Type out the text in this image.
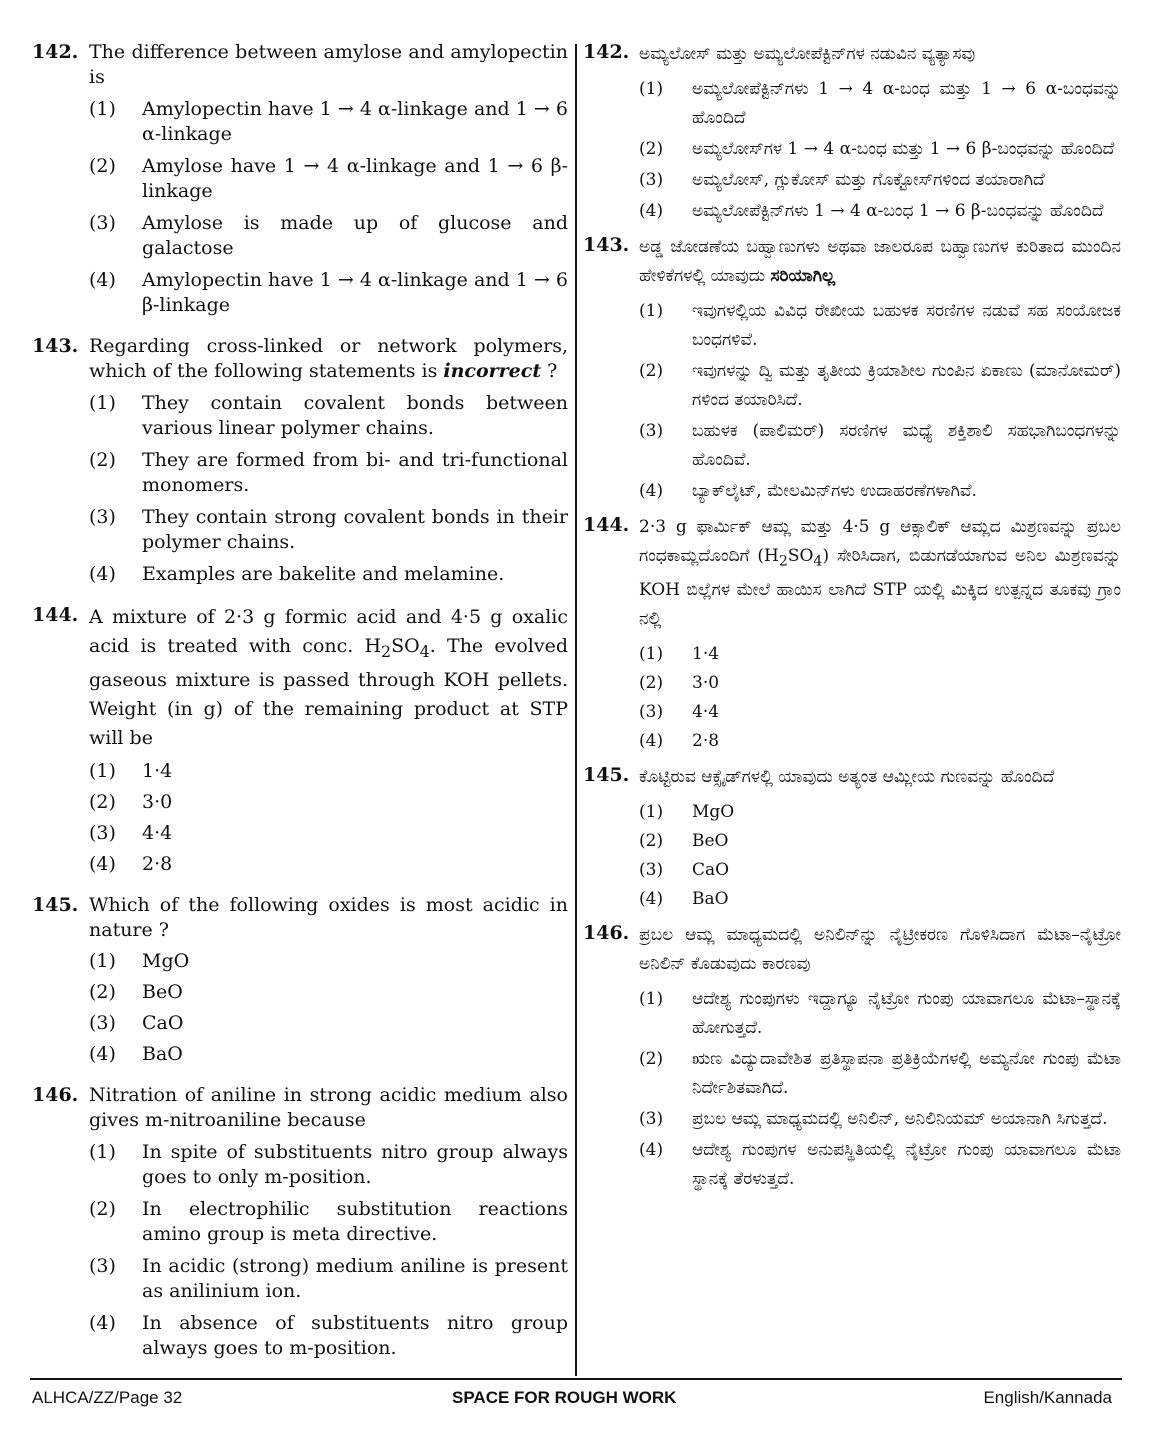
142. The difference between amylose and amylopectin is
(1) Amylopectin have 1 → 4 α-linkage and 1 → 6 α-linkage
(2) Amylose have 1 → 4 α-linkage and 1 → 6 β-linkage
(3) Amylose is made up of glucose and galactose
(4) Amylopectin have 1 → 4 α-linkage and 1 → 6 β-linkage
143. Regarding cross-linked or network polymers, which of the following statements is incorrect ?
(1) They contain covalent bonds between various linear polymer chains.
(2) They are formed from bi- and tri-functional monomers.
(3) They contain strong covalent bonds in their polymer chains.
(4) Examples are bakelite and melamine.
144. A mixture of 2·3 g formic acid and 4·5 g oxalic acid is treated with conc. $H_2SO_4$. The evolved gaseous mixture is passed through KOH pellets. Weight (in g) of the remaining product at STP will be
(1) 1·4
(2) 3·0
(3) 4·4
(4) 2·8
145. Which of the following oxides is most acidic in nature ?
(1) MgO
(2) BeO
(3) CaO
(4) BaO
146. Nitration of aniline in strong acidic medium also gives m-nitroaniline because
(1) In spite of substituents nitro group always goes to only m-position.
(2) In electrophilic substitution reactions amino group is meta directive.
(3) In acidic (strong) medium aniline is present as anilinium ion.
(4) In absence of substituents nitro group always goes to m-position.
142. ಅಮ್ಯಲೋಸ್ ಮತ್ತು ಅಮ್ಯಲೋಪೆಕ್ಟಿನ್‌ಗಳ ನಡುವಿನ ವ್ಯತ್ಯಾಸವು
(1) ಅಮ್ಯಲೋಪೆಕ್ಟಿನ್‌ಗಳು 1 → 4 α-ಬಂಧ ಮತ್ತು 1 → 6 α-ಬಂಧವನ್ನು ಹೊಂದಿದೆ
(2) ಅಮ್ಯಲೋಸ್‌ಗಳ 1 → 4 α-ಬಂಧ ಮತ್ತು 1 → 6 β-ಬಂಧವನ್ನು ಹೊಂದಿದೆ
(3) ಅಮ್ಯಲೋಸ್, ಗ್ಲುಕೋಸ್ ಮತ್ತು ಗೊಕ್ಟೋಸ್‌ಗಳಿಂದ ತಯಾರಾಗಿದೆ
(4) ಅಮ್ಯಲೋಪೆಕ್ಟಿನ್‌ಗಳು 1 → 4 α-ಬಂಧ 1 → 6 β-ಬಂಧವನ್ನು ಹೊಂದಿದೆ
143. ಅಡ್ಡ ಜೋಡಣೆಯ ಬಹ್ವಾಣುಗಳು ಅಥವಾ ಜಾಲರೂಪ ಬಹ್ವಾಣುಗಳ ಕುರಿತಾದ ಮುಂದಿನ ಹೇಳಿಕೆಗಳಲ್ಲಿ ಯಾವುದು ಸರಿಯಾಗಿಲ್ಲ
(1) ಇವುಗಳಲ್ಲಿಯ ವಿವಿಧ ರೇಖೀಯ ಬಹುಳಕ ಸರಣಿಗಳ ನಡುವೆ ಸಹ ಸಂಯೋಜಕ ಬಂಧಗಳಿವೆ.
(2) ಇವುಗಳನ್ನು ದ್ವಿ ಮತ್ತು ತೃತೀಯ ಕ್ರಿಯಾಶೀಲ ಗುಂಪಿನ ಏಕಾಣು (ಮಾನೋಮರ್) ಗಳಿಂದ ತಯಾರಿಸಿದೆ.
(3) ಬಹುಳಕ (ಪಾಲಿಮರ್) ಸರಣಿಗಳ ಮಧ್ಯೆ ಶಕ್ತಿಶಾಲಿ ಸಹಭಾಗಿಬಂಧಗಳನ್ನು ಹೊಂದಿವೆ.
(4) ಬ್ಯಾಕ್‌ಲೈಟ್, ಮೇಲಮಿನ್‌ಗಳು ಉದಾಹರಣೆಗಳಾಗಿವೆ.
144. 2·3 g ಫಾರ್ಮಿಕ್ ಆಮ್ಲ ಮತ್ತು 4·5 g ಆಕ್ಸಾಲಿಕ್ ಆಮ್ಲದ ಮಿಶ್ರಣವನ್ನು ಪ್ರಬಲ ಗಂಧಕಾಮ್ಲದೊಂದಿಗೆ $(H_2SO_4)$ ಸೇರಿಸಿದಾಗ, ಬಿಡುಗಡೆಯಾಗುವ ಅನಿಲ ಮಿಶ್ರಣವನ್ನು KOH ಬಿಲ್ಲೆಗಳ ಮೇಲೆ ಹಾಯಿಸ ಲಾಗಿದೆ STP ಯಲ್ಲಿ ಮಿಕ್ಕಿದ ಉತ್ಪನ್ನದ ತೂಕವು ಗ್ರಾಂ ನಲ್ಲಿ
(1) 1·4
(2) 3·0
(3) 4·4
(4) 2·8
145. ಕೊಟ್ಟಿರುವ ಆಕ್ಸೈಡ್‌ಗಳಲ್ಲಿ ಯಾವುದು ಅತ್ಯಂತ ಆಮ್ಲೀಯ ಗುಣವನ್ನು ಹೊಂದಿದೆ
(1) MgO
(2) BeO
(3) CaO
(4) BaO
146. ಪ್ರಬಲ ಆಮ್ಲ ಮಾಧ್ಯಮದಲ್ಲಿ ಅನಿಲಿನ್‌ನ್ನು ನೈಟ್ರೀಕರಣ ಗೊಳಿಸಿದಾಗ ಮೆಟಾ–ನೈಟ್ರೋ ಅನಿಲಿನ್ ಕೊಡುವುದು ಕಾರಣವು
(1) ಆದೇಶ್ಯ ಗುಂಪುಗಳು ಇದ್ದಾಗ್ಯೂ ನೈಟ್ರೋ ಗುಂಪು ಯಾವಾಗಲೂ ಮೆಟಾ–ಸ್ಥಾನಕ್ಕೆ ಹೋಗುತ್ತದೆ.
(2) ಋಣ ವಿದ್ಯುದಾವೇಶಿತ ಪ್ರತಿಸ್ಥಾಪನಾ ಪ್ರತಿಕ್ರಿಯೆಗಳಲ್ಲಿ ಅಮ್ಯನೋ ಗುಂಪು ಮೆಟಾ ನಿರ್ದೇಶಿತವಾಗಿದೆ.
(3) ಪ್ರಬಲ ಆಮ್ಲ ಮಾಧ್ಯಮದಲ್ಲಿ ಅನಿಲಿನ್, ಅನಿಲಿನಿಯಮ್ ಅಯಾನಾಗಿ ಸಿಗುತ್ತದೆ.
(4) ಆದೇಶ್ಯ ಗುಂಪುಗಳ ಅನುಪಸ್ಥಿತಿಯಲ್ಲಿ ನೈಟ್ರೋ ಗುಂಪು ಯಾವಾಗಲೂ ಮೆಟಾ ಸ್ಥಾನಕ್ಕೆ ತೆರಳುತ್ತದೆ.
ALHCA/ZZ/Page 32	SPACE FOR ROUGH WORK	English/Kannada
